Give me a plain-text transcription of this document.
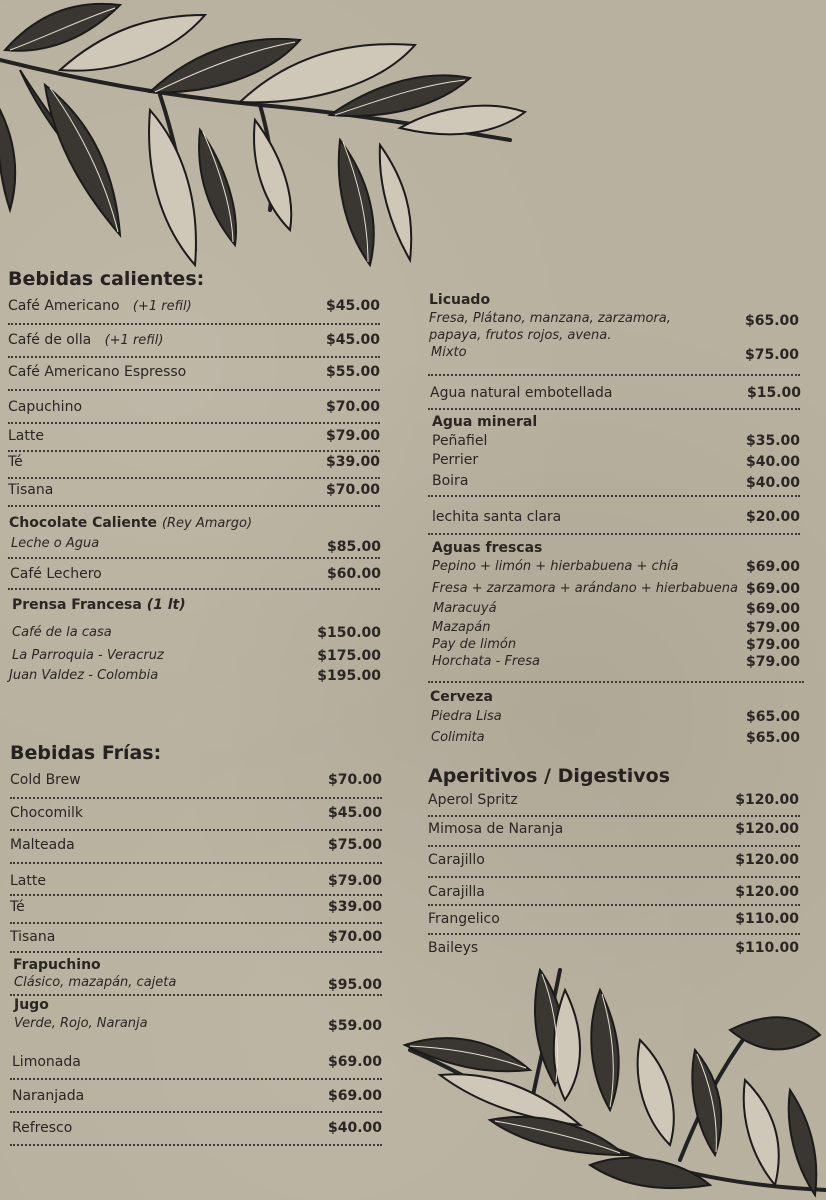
Bebidas calientes:
Café Americano (+1 refil)	$45.00
Café de olla (+1 refil)	$45.00
Café Americano Espresso	$55.00
Capuchino	$70.00
Latte	$79.00
Té	$39.00
Tisana	$70.00
Chocolate Caliente (Rey Amargo)
Leche o Agua	$85.00
Café Lechero	$60.00
Prensa Francesa (1 lt)
Café de la casa	$150.00
La Parroquia - Veracruz	$175.00
Juan Valdez - Colombia	$195.00
Bebidas Frías:
Cold Brew	$70.00
Chocomilk	$45.00
Malteada	$75.00
Latte	$79.00
Té	$39.00
Tisana	$70.00
Frapuchino
Clásico, mazapán, cajeta	$95.00
Jugo
Verde, Rojo, Naranja	$59.00
Limonada	$69.00
Naranjada	$69.00
Refresco	$40.00
Licuado
Fresa, Plátano, manzana, zarzamora,
papaya, frutos rojos, avena.
$65.00
Mixto	$75.00
Agua natural embotellada	$15.00
Agua mineral
Peñafiel	$35.00
Perrier	$40.00
Boira	$40.00
lechita santa clara	$20.00
Aguas frescas
Pepino + limón + hierbabuena + chía	$69.00
Fresa + zarzamora + arándano + hierbabuena $69.00
Maracuyá	$69.00
Mazapán	$79.00
Pay de limón	$79.00
Horchata - Fresa	$79.00
Cerveza
Piedra Lisa	$65.00
Colimita	$65.00
Aperitivos / Digestivos
Aperol Spritz	$120.00
Mimosa de Naranja	$120.00
Carajillo	$120.00
Carajilla	$120.00
Frangelico	$110.00
Baileys	$110.00
